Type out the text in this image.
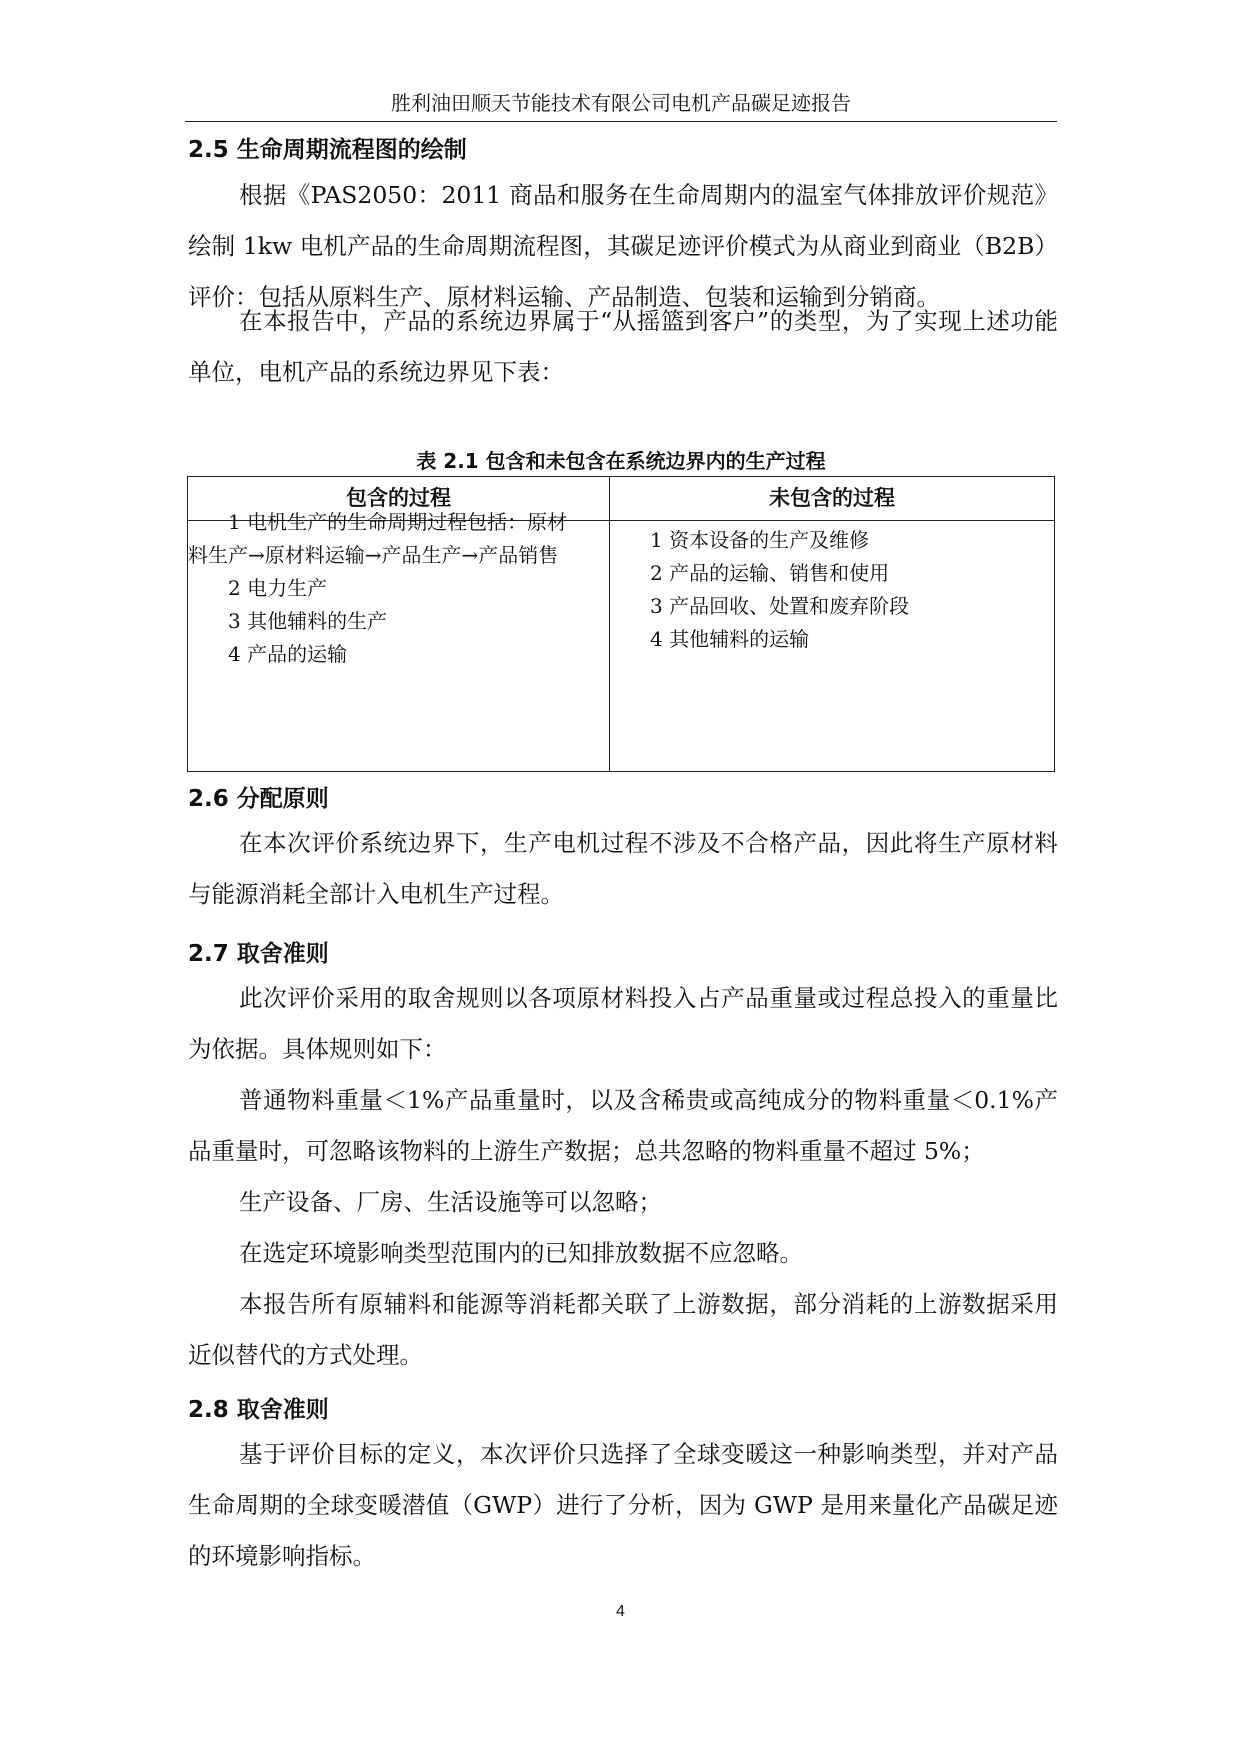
胜利油田顺天节能技术有限公司电机产品碳足迹报告
2.5 生命周期流程图的绘制

根据《PAS2050：2011 商品和服务在生命周期内的温室气体排放评价规范》绘制 1kw 电机产品的生命周期流程图，其碳足迹评价模式为从商业到商业（B2B）评价：包括从原料生产、原材料运输、产品制造、包装和运输到分销商。

在本报告中，产品的系统边界属于“从摇篮到客户”的类型，为了实现上述功能单位，电机产品的系统边界见下表：

表 2.1 包含和未包含在系统边界内的生产过程
包含的过程	未包含的过程
1 电机生产的生命周期过程包括：原材
料生产→原材料运输→产品生产→产品销售
2 电力生产
3 其他辅料的生产
4 产品的运输
1 资本设备的生产及维修
2 产品的运输、销售和使用
3 产品回收、处置和废弃阶段
4 其他辅料的运输
2.6 分配原则

在本次评价系统边界下，生产电机过程不涉及不合格产品，因此将生产原材料与能源消耗全部计入电机生产过程。

2.7 取舍准则

此次评价采用的取舍规则以各项原材料投入占产品重量或过程总投入的重量比为依据。具体规则如下：

普通物料重量＜1%产品重量时，以及含稀贵或高纯成分的物料重量＜0.1%产品重量时，可忽略该物料的上游生产数据；总共忽略的物料重量不超过 5%；

生产设备、厂房、生活设施等可以忽略；

在选定环境影响类型范围内的已知排放数据不应忽略。

本报告所有原辅料和能源等消耗都关联了上游数据，部分消耗的上游数据采用近似替代的方式处理。

2.8 取舍准则

基于评价目标的定义，本次评价只选择了全球变暖这一种影响类型，并对产品生命周期的全球变暖潜值（GWP）进行了分析，因为 GWP 是用来量化产品碳足迹的环境影响指标。

4
